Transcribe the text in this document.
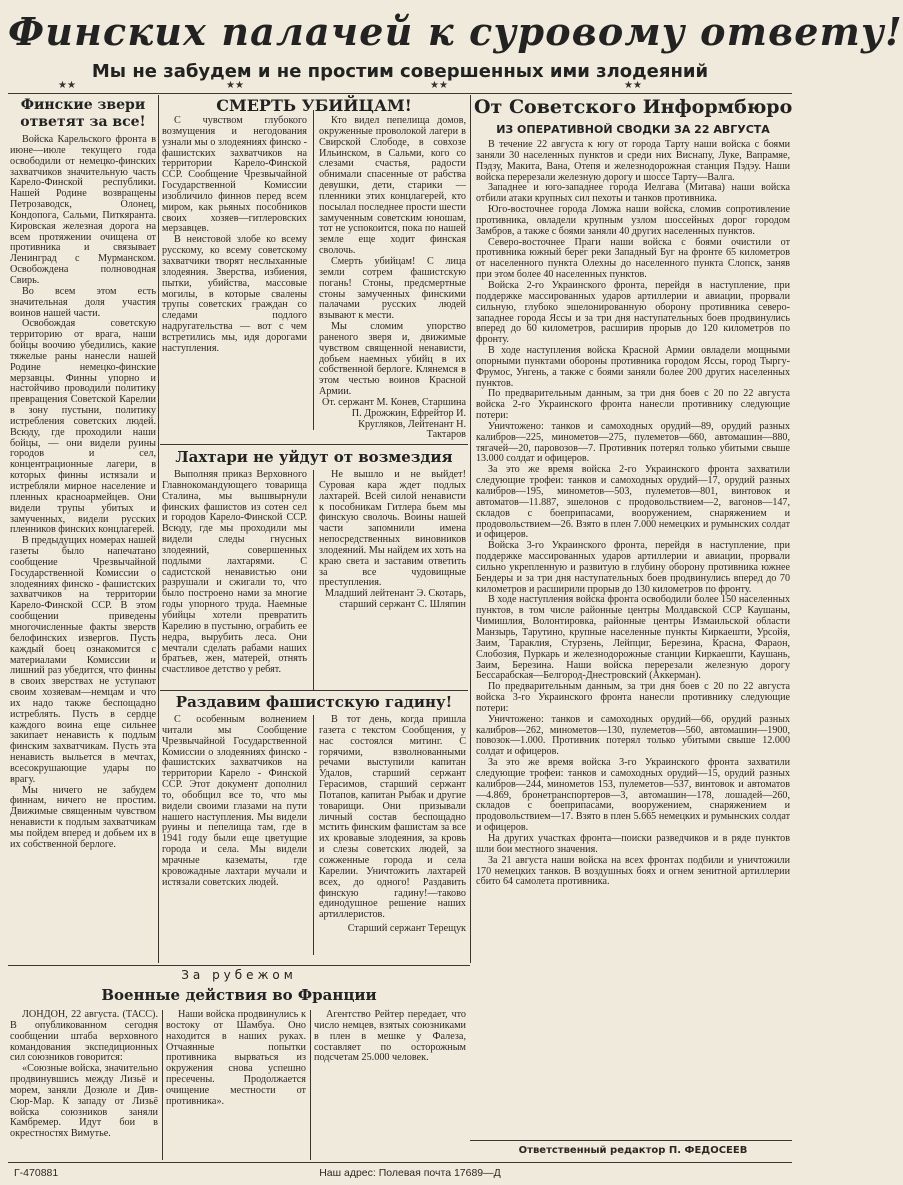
Финских палачей к суровому ответу!
Мы не забудем и не простим совершенных ими злодеяний
★★	★★	★★	★★
Финские звери ответят за все!

Войска Карельского фронта в июне—июле текущего года освободили от немецко-финских захватчиков значительную часть Карело-Финской республики. Нашей Родине возвращены Петрозаводск, Олонец, Кондопога, Сальми, Питкяранта. Кировская железная дорога на всем протяжении очищена от противника и связывает Ленинград с Мурманском. Освобождена полноводная Свирь.

Во всем этом есть значительная доля участия воинов нашей части.

Освобождая советскую территорию от врага, наши бойцы воочию убедились, какие тяжелые раны нанесли нашей Родине немецко-финские мерзавцы. Финны упорно и настойчиво проводили политику превращения Советской Карелии в зону пустыни, политику истребления советских людей. Всюду, где проходили наши бойцы, — они видели руины городов и сел, концентрационные лагери, в которых финны истязали и истребляли мирное население и пленных красноармейцев. Они видели трупы убитых и замученных, видели русских пленников финских концлагерей.

В предыдущих номерах нашей газеты было напечатано сообщение Чрезвычайной Государственной Комиссии о злодеяниях финско - фашистских захватчиков на территории Карело-Финской ССР. В этом сообщении приведены многочисленные факты зверств белофинских извергов. Пусть каждый боец ознакомится с материалами Комиссии и лишний раз убедится, что финны в своих зверствах не уступают своим хозяевам—немцам и что их надо также беспощадно истреблять. Пусть в сердце каждого воина еще сильнее закипает ненависть к подлым финским захватчикам. Пусть эта ненависть выльется в мечтах, всесокрушающие удары по врагу.

Мы ничего не забудем финнам, ничего не простим. Движимые священным чувством ненависти к подлым захватчикам мы пойдем вперед и добьем их в их собственной берлоге.

СМЕРТЬ УБИЙЦАМ!

С чувством глубокого возмущения и негодования узнали мы о злодеяниях финско - фашистских захватчиков на территории Карело-Финской ССР. Сообщение Чрезвычайной Государственной Комиссии изобличило финнов перед всем миром, как рьяных пособников своих хозяев—гитлеровских мерзавцев.

В неистовой злобе ко всему русскому, ко всему советскому захватчики творят неслыханные злодеяния. Зверства, избиения, пытки, убийства, массовые могилы, в которые свалены трупы советских граждан со следами подлого надругательства — вот с чем встретились мы, идя дорогами наступления.

Кто видел пепелища домов, окруженные проволокой лагери в Свирской Слободе, в совхозе Ильинском, в Сальми, кого со слезами счастья, радости обнимали спасенные от рабства девушки, дети, старики — пленники этих концлагерей, кто посылал последнее прости шести замученным советским юношам, тот не успокоится, пока по нашей земле еще ходит финская сволочь.

Смерть убийцам! С лица земли сотрем фашистскую погань! Стоны, предсмертные стоны замученных финскими палачами русских людей взывают к мести.

Мы сломим упорство раненого зверя и, движимые чувством священной ненависти, добьем наемных убийц в их собственной берлоге. Клянемся в этом честью воинов Красной Армии.

От. сержант М. Конев, Старшина П. Дрожжин, Ефрейтор И. Кругляков, Лейтенант Н. Тактаров
Лахтари не уйдут от возмездия

Выполняя приказ Верховного Главнокомандующего товарища Сталина, мы вышвырнули финских фашистов из сотен сел и городов Карело-Финской ССР. Всюду, где мы проходили мы видели следы гнусных злодеяний, совершенных подлыми лахтарями. С садистской ненавистью они разрушали и сжигали то, что было построено нами за многие годы упорного труда. Наемные убийцы хотели превратить Карелию в пустыню, ограбить ее недра, вырубить леса. Они мечтали сделать рабами наших братьев, жен, матерей, отнять счастливое детство у ребят.

Не вышло и не выйдет! Суровая кара ждет подлых лахтарей. Всей силой ненависти к пособникам Гитлера бьем мы финскую сволочь. Воины нашей части запомнили имена непосредственных виновников злодеяний. Мы найдем их хоть на краю света и заставим ответить за все чудовищные преступления.

Младший лейтенант Э. Скотарь, старший сержант С. Шляпин
Раздавим фашистскую гадину!

С особенным волнением читали мы Сообщение Чрезвычайной Государственной Комиссии о злодеяниях финско - фашистских захватчиков на территории Карело - Финской ССР. Этот документ дополнил то, обобщил все то, что мы видели своими глазами на пути нашего наступления. Мы видели руины и пепелища там, где в 1941 году были еще цветущие города и села. Мы видели мрачные казематы, где кровожадные лахтари мучали и истязали советских людей.

В тот день, когда пришла газета с текстом Сообщения, у нас состоялся митинг. С горячими, взволнованными речами выступили капитан Удалов, старший сержант Герасимов, старший сержант Потапов, капитан Рыбак и другие товарищи. Они призывали личный состав беспощадно мстить финским фашистам за все их кровавые злодеяния, за кровь и слезы советских людей, за сожженные города и села Карелии. Уничтожить лахтарей всех, до одного! Раздавить финскую гадину!—таково единодушное решение наших артиллеристов.

Старший сержант Терещук
От Советского Информбюро
ИЗ ОПЕРАТИВНОЙ СВОДКИ ЗА 22 АВГУСТА

В течение 22 августа к югу от города Тарту наши войска с боями заняли 30 населенных пунктов и среди них Виснапу, Луке, Вапрамяе, Пэдзу, Макита, Вана, Отепя и железнодорожная станция Пэдэу. Наши войска перерезали железную дорогу и шоссе Тарту—Валга.

Западнее и юго-западнее города Иелгава (Митава) наши войска отбили атаки крупных сил пехоты и танков противника.

Юго-восточнее города Ломжа наши войска, сломив сопротивление противника, овладели крупным узлом шоссейных дорог городом Замбров, а также с боями заняли 40 других населенных пунктов.

Северо-восточнее Праги наши войска с боями очистили от противника южный берег реки Западный Буг на фронте 65 километров от населенного пункта Олехны до населенного пункта Слопск, заняв при этом более 40 населенных пунктов.

Войска 2-го Украинского фронта, перейдя в наступление, при поддержке массированных ударов артиллерии и авиации, прорвали сильную, глубоко эшелонированную оборону противника северо-западнее города Яссы и за три дня наступательных боев продвинулись вперед до 60 километров, расширив прорыв до 120 километров по фронту.

В ходе наступления войска Красной Армии овладели мощными опорными пунктами обороны противника городом Яссы, город Тыргу-Фрумос, Унгень, а также с боями заняли более 200 других населенных пунктов.

По предварительным данным, за три дня боев с 20 по 22 августа войска 2-го Украинского фронта нанесли противнику следующие потери:

Уничтожено: танков и самоходных орудий—89, орудий разных калибров—225, минометов—275, пулеметов—660, автомашин—880, тягачей—20, паровозов—7. Противник потерял только убитыми свыше 13.000 солдат и офицеров.

За это же время войска 2-го Украинского фронта захватили следующие трофеи: танков и самоходных орудий—17, орудий разных калибров—195, минометов—503, пулеметов—801, винтовок и автоматов—11.887, эшелонов с продовольствием—2, вагонов—147, складов с боеприпасами, вооружением, снаряжением и продовольствием—26. Взято в плен 7.000 немецких и румынских солдат и офицеров.

Войска 3-го Украинского фронта, перейдя в наступление, при поддержке массированных ударов артиллерии и авиации, прорвали сильно укрепленную и развитую в глубину оборону противника южнее Бендеры и за три дня наступательных боев продвинулись вперед до 70 километров и расширили прорыв до 130 километров по фронту.

В ходе наступления войска фронта освободили более 150 населенных пунктов, в том числе районные центры Молдавской ССР Каушаны, Чимишлия, Волонтировка, районные центры Измаильской области Манзырь, Тарутино, крупные населенные пункты Киркаешти, Урсойя, Заим, Тараклия, Стурзень, Лейпциг, Березина, Красна, Фараон, Слобозия, Пуркарь и железнодорожные станции Киркаешти, Каушань, Заим, Березина. Наши войска перерезали железную дорогу Бессарабская—Белгород-Днестровский (Аккерман).

По предварительным данным, за три дня боев с 20 по 22 августа войска 3-го Украинского фронта нанесли противнику следующие потери:

Уничтожено: танков и самоходных орудий—66, орудий разных калибров—262, минометов—130, пулеметов—560, автомашин—1900, повозок—1.000. Противник потерял только убитыми свыше 12.000 солдат и офицеров.

За это же время войска 3-го Украинского фронта захватили следующие трофеи: танков и самоходных орудий—15, орудий разных калибров—244, минометов 153, пулеметов—537, винтовок и автоматов—4.869, бронетранспортеров—3, автомашин—178, лошадей—260, складов с боеприпасами, вооружением, снаряжением и продовольствием—17. Взято в плен 5.665 немецких и румынских солдат и офицеров.

На других участках фронта—поиски разведчиков и в ряде пунктов шли бои местного значения.

За 21 августа наши войска на всех фронтах подбили и уничтожили 170 немецких танков. В воздушных боях и огнем зенитной артиллерии сбито 64 самолета противника.

Ответственный редактор П. ФЕДОСЕЕВ
За рубежом
Военные действия во Франции

ЛОНДОН, 22 августа. (ТАСС). В опубликованном сегодня сообщении штаба верховного командования экспедиционных сил союзников говорится:

«Союзные войска, значительно продвинувшись между Лизьё и морем, заняли Дозюле и Див-Сюр-Мар. К западу от Лизьё войска союзников заняли Камбремер. Идут бои в окрестностях Вимутье.

Наши войска продвинулись к востоку от Шамбуа. Оно находится в наших руках. Отчаянные попытки противника вырваться из окружения снова успешно пресечены. Продолжается очищение местности от противника».

Агентство Рейтер передает, что число немцев, взятых союзниками в плен в мешке у Фалеза, составляет по осторожным подсчетам 25.000 человек.

Г-470881	Наш адрес: Полевая почта 17689—Д
